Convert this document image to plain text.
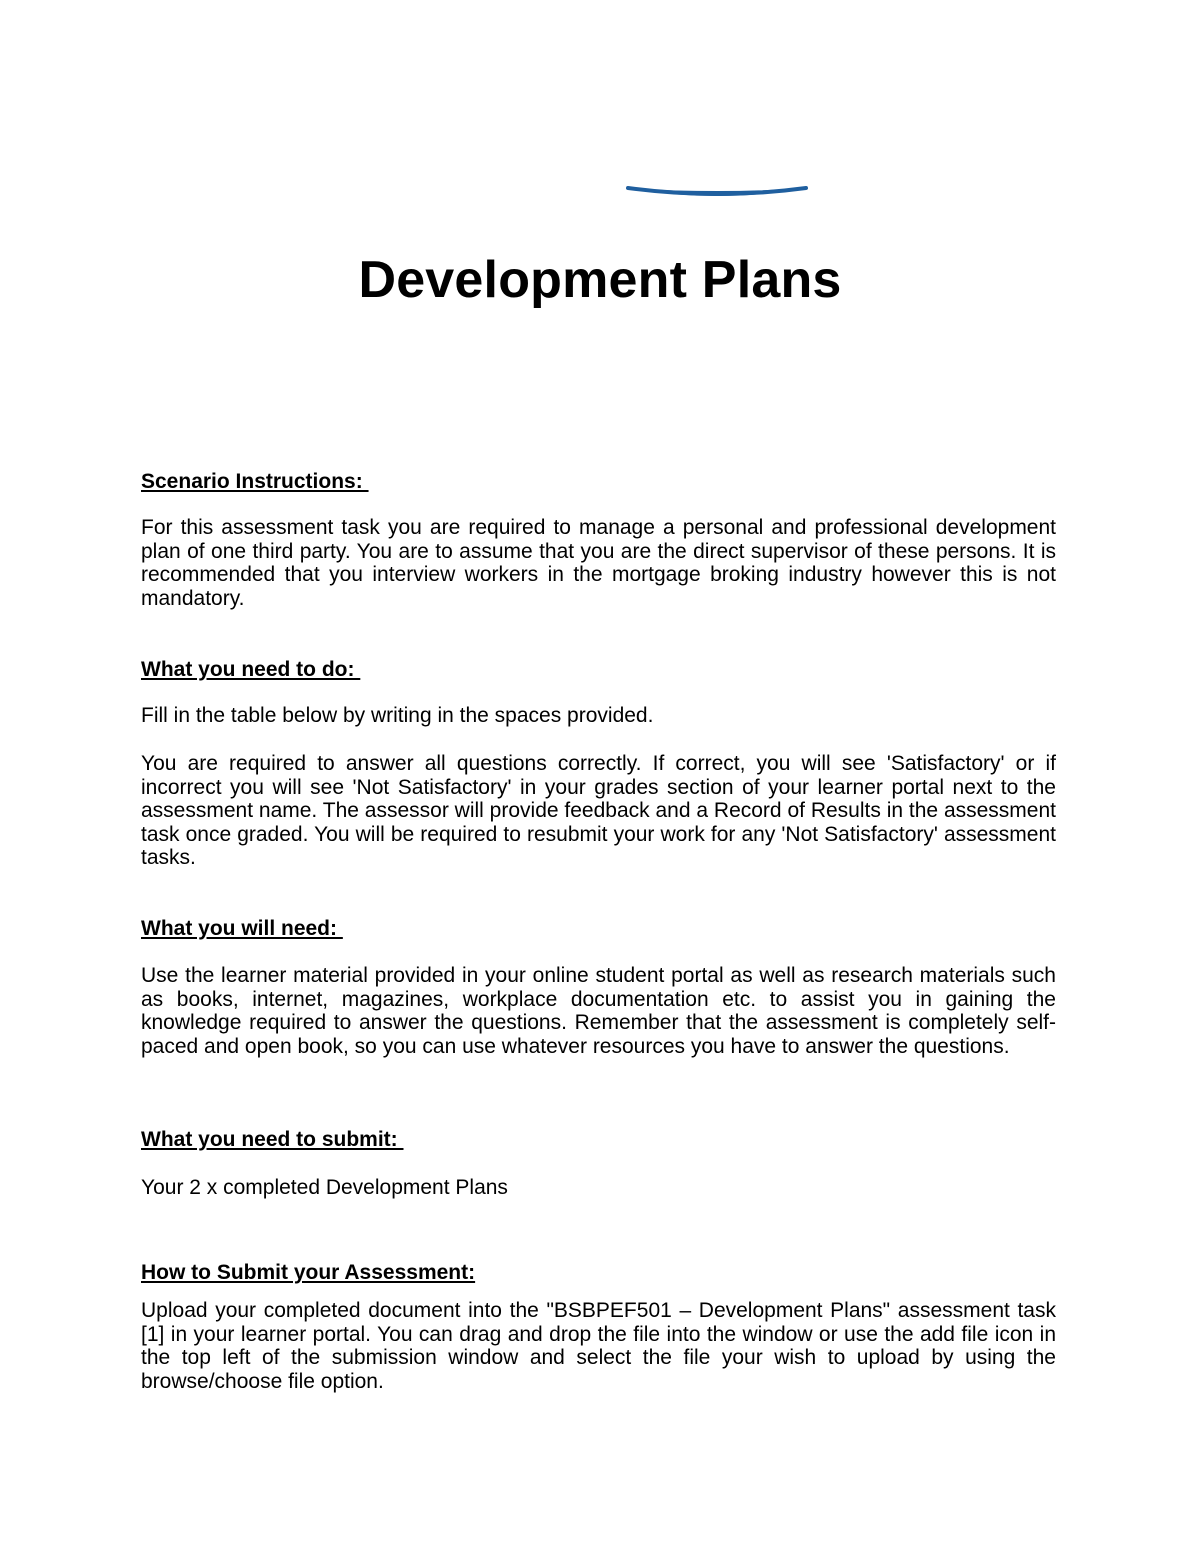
Development Plans

Scenario Instructions:

For this assessment task you are required to manage a personal and professional development plan of one third party. You are to assume that you are the direct supervisor of these persons. It is recommended that you interview workers in the mortgage broking industry however this is not mandatory.

What you need to do:

Fill in the table below by writing in the spaces provided.

You are required to answer all questions correctly. If correct, you will see 'Satisfactory' or if incorrect you will see 'Not Satisfactory' in your grades section of your learner portal next to the assessment name. The assessor will provide feedback and a Record of Results in the assessment task once graded. You will be required to resubmit your work for any 'Not Satisfactory' assessment tasks.

What you will need:

Use the learner material provided in your online student portal as well as research materials such as books, internet, magazines, workplace documentation etc. to assist you in gaining the knowledge required to answer the questions. Remember that the assessment is completely self-paced and open book, so you can use whatever resources you have to answer the questions.

What you need to submit:

Your 2 x completed Development Plans

How to Submit your Assessment:

Upload your completed document into the "BSBPEF501 – Development Plans" assessment task [1] in your learner portal. You can drag and drop the file into the window or use the add file icon in the top left of the submission window and select the file your wish to upload by using the browse/choose file option.
